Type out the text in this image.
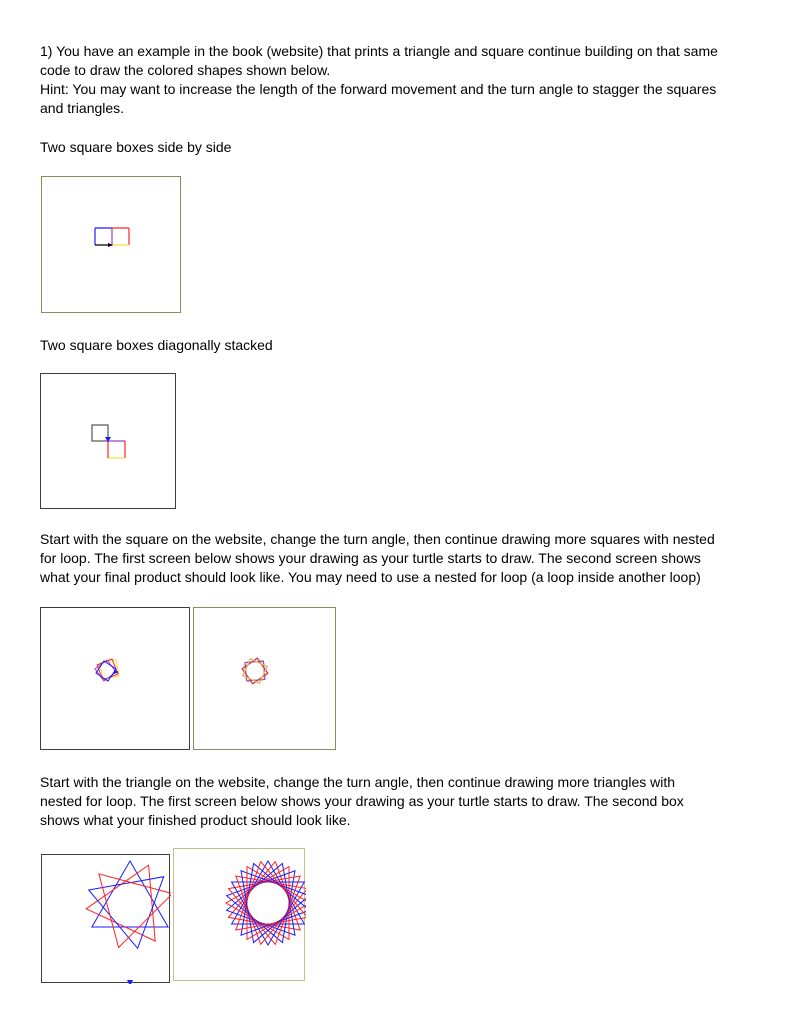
1) You have an example in the book (website) that prints a triangle and square continue building on that same
code to draw the colored shapes shown below.
Hint: You may want to increase the length of the forward movement and the turn angle to stagger the squares
and triangles.

Two square boxes side by side

Two square boxes diagonally stacked

Start with the square on the website, change the turn angle, then continue drawing more squares with nested
for loop. The first screen below shows your drawing as your turtle starts to draw. The second screen shows
what your final product should look like. You may need to use a nested for loop (a loop inside another loop)
Start with the triangle on the website, change the turn angle, then continue drawing more triangles with
nested for loop. The first screen below shows your drawing as your turtle starts to draw. The second box
shows what your finished product should look like.
